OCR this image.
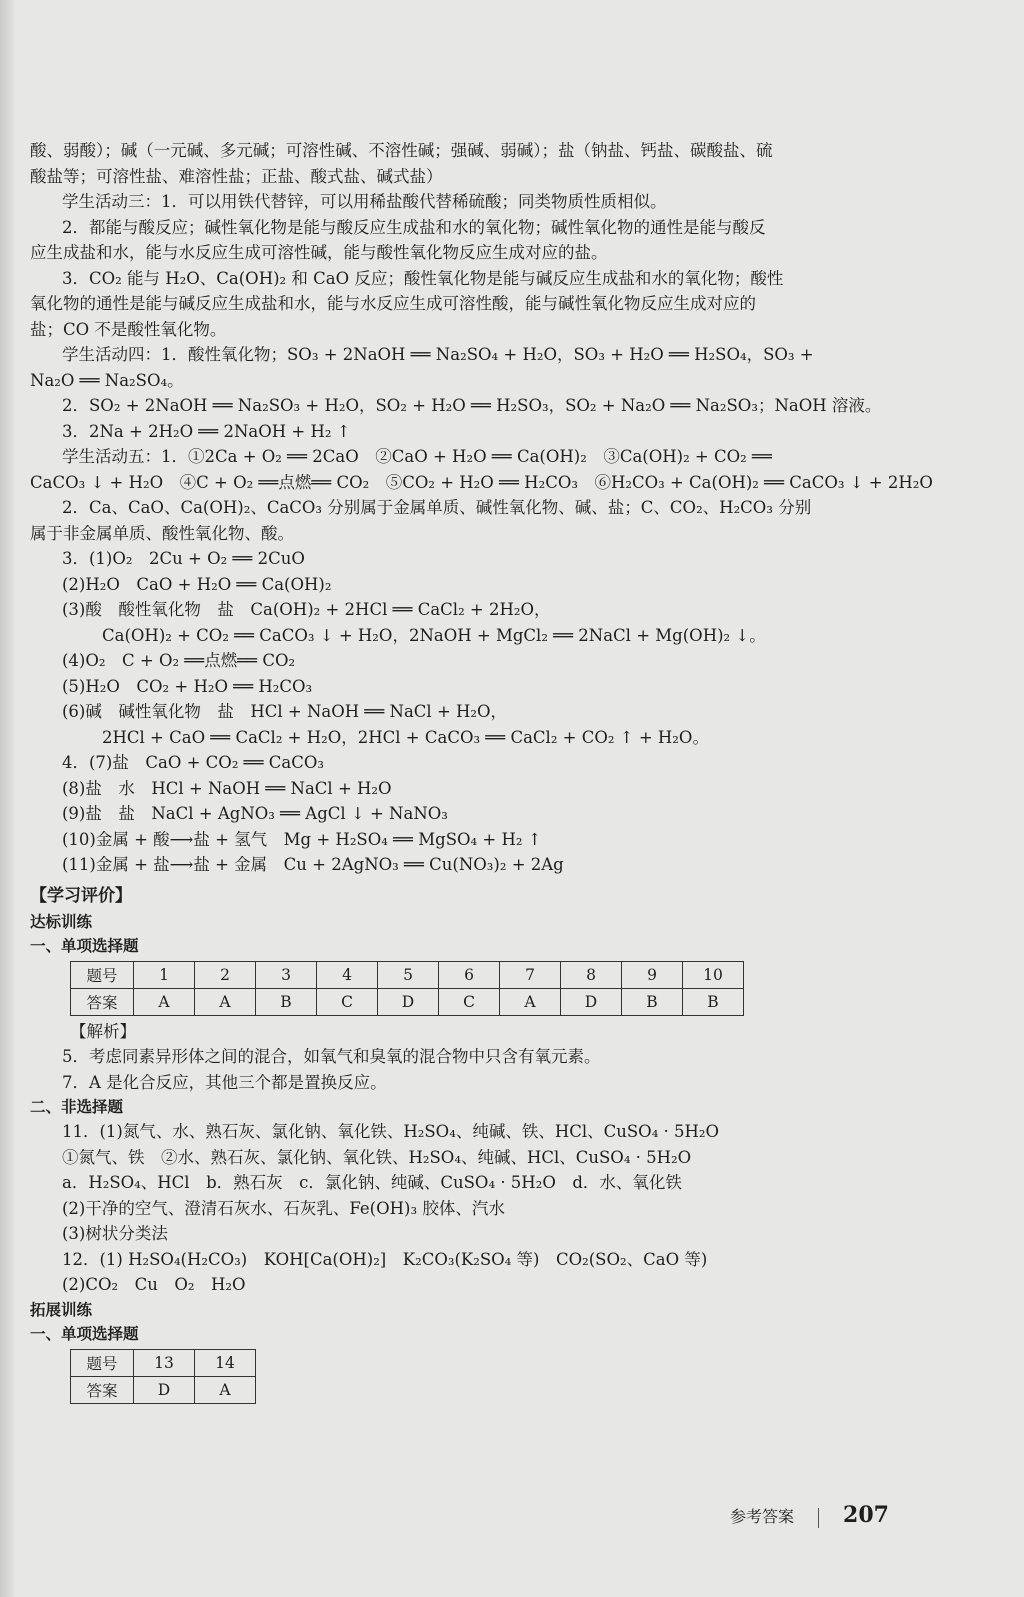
酸、弱酸）；碱（一元碱、多元碱；可溶性碱、不溶性碱；强碱、弱碱）；盐（钠盐、钙盐、碳酸盐、硫
酸盐等；可溶性盐、难溶性盐；正盐、酸式盐、碱式盐）
学生活动三：1．可以用铁代替锌，可以用稀盐酸代替稀硫酸；同类物质性质相似。
2．都能与酸反应；碱性氧化物是能与酸反应生成盐和水的氧化物；碱性氧化物的通性是能与酸反
应生成盐和水，能与水反应生成可溶性碱，能与酸性氧化物反应生成对应的盐。
3．CO₂ 能与 H₂O、Ca(OH)₂ 和 CaO 反应；酸性氧化物是能与碱反应生成盐和水的氧化物；酸性
氧化物的通性是能与碱反应生成盐和水，能与水反应生成可溶性酸，能与碱性氧化物反应生成对应的
盐；CO 不是酸性氧化物。
学生活动四：1．酸性氧化物；SO₃ + 2NaOH ══ Na₂SO₄ + H₂O，SO₃ + H₂O ══ H₂SO₄，SO₃ +
Na₂O ══ Na₂SO₄。
2．SO₂ + 2NaOH ══ Na₂SO₃ + H₂O，SO₂ + H₂O ══ H₂SO₃，SO₂ + Na₂O ══ Na₂SO₃；NaOH 溶液。
3．2Na + 2H₂O ══ 2NaOH + H₂ ↑
学生活动五：1．①2Ca + O₂ ══ 2CaO　②CaO + H₂O ══ Ca(OH)₂　③Ca(OH)₂ + CO₂ ══
CaCO₃ ↓ + H₂O　④C + O₂ ══点燃══ CO₂　⑤CO₂ + H₂O ══ H₂CO₃　⑥H₂CO₃ + Ca(OH)₂ ══ CaCO₃ ↓ + 2H₂O
2．Ca、CaO、Ca(OH)₂、CaCO₃ 分别属于金属单质、碱性氧化物、碱、盐；C、CO₂、H₂CO₃ 分别
属于非金属单质、酸性氧化物、酸。
3．(1)O₂　2Cu + O₂ ══ 2CuO
(2)H₂O　CaO + H₂O ══ Ca(OH)₂
(3)酸　酸性氧化物　盐　Ca(OH)₂ + 2HCl ══ CaCl₂ + 2H₂O，
Ca(OH)₂ + CO₂ ══ CaCO₃ ↓ + H₂O，2NaOH + MgCl₂ ══ 2NaCl + Mg(OH)₂ ↓。
(4)O₂　C + O₂ ══点燃══ CO₂
(5)H₂O　CO₂ + H₂O ══ H₂CO₃
(6)碱　碱性氧化物　盐　HCl + NaOH ══ NaCl + H₂O，
2HCl + CaO ══ CaCl₂ + H₂O，2HCl + CaCO₃ ══ CaCl₂ + CO₂ ↑ + H₂O。
4．(7)盐　CaO + CO₂ ══ CaCO₃
(8)盐　水　HCl + NaOH ══ NaCl + H₂O
(9)盐　盐　NaCl + AgNO₃ ══ AgCl ↓ + NaNO₃
(10)金属 + 酸⟶盐 + 氢气　Mg + H₂SO₄ ══ MgSO₄ + H₂ ↑
(11)金属 + 盐⟶盐 + 金属　Cu + 2AgNO₃ ══ Cu(NO₃)₂ + 2Ag
【学习评价】
达标训练
一、单项选择题
题号	1	2	3	4	5	6	7	8	9	10
答案	A	A	B	C	D	C	A	D	B	B
【解析】
5．考虑同素异形体之间的混合，如氧气和臭氧的混合物中只含有氧元素。
7．A 是化合反应，其他三个都是置换反应。
二、非选择题
11．(1)氮气、水、熟石灰、氯化钠、氧化铁、H₂SO₄、纯碱、铁、HCl、CuSO₄ · 5H₂O
①氮气、铁　②水、熟石灰、氯化钠、氧化铁、H₂SO₄、纯碱、HCl、CuSO₄ · 5H₂O
a．H₂SO₄、HCl　b．熟石灰　c．氯化钠、纯碱、CuSO₄ · 5H₂O　d．水、氧化铁
(2)干净的空气、澄清石灰水、石灰乳、Fe(OH)₃ 胶体、汽水
(3)树状分类法
12．(1) H₂SO₄(H₂CO₃)　KOH[Ca(OH)₂]　K₂CO₃(K₂SO₄ 等)　CO₂(SO₂、CaO 等)
(2)CO₂　Cu　O₂　H₂O
拓展训练
一、单项选择题
题号	13	14
答案	D	A
参考答案 207
